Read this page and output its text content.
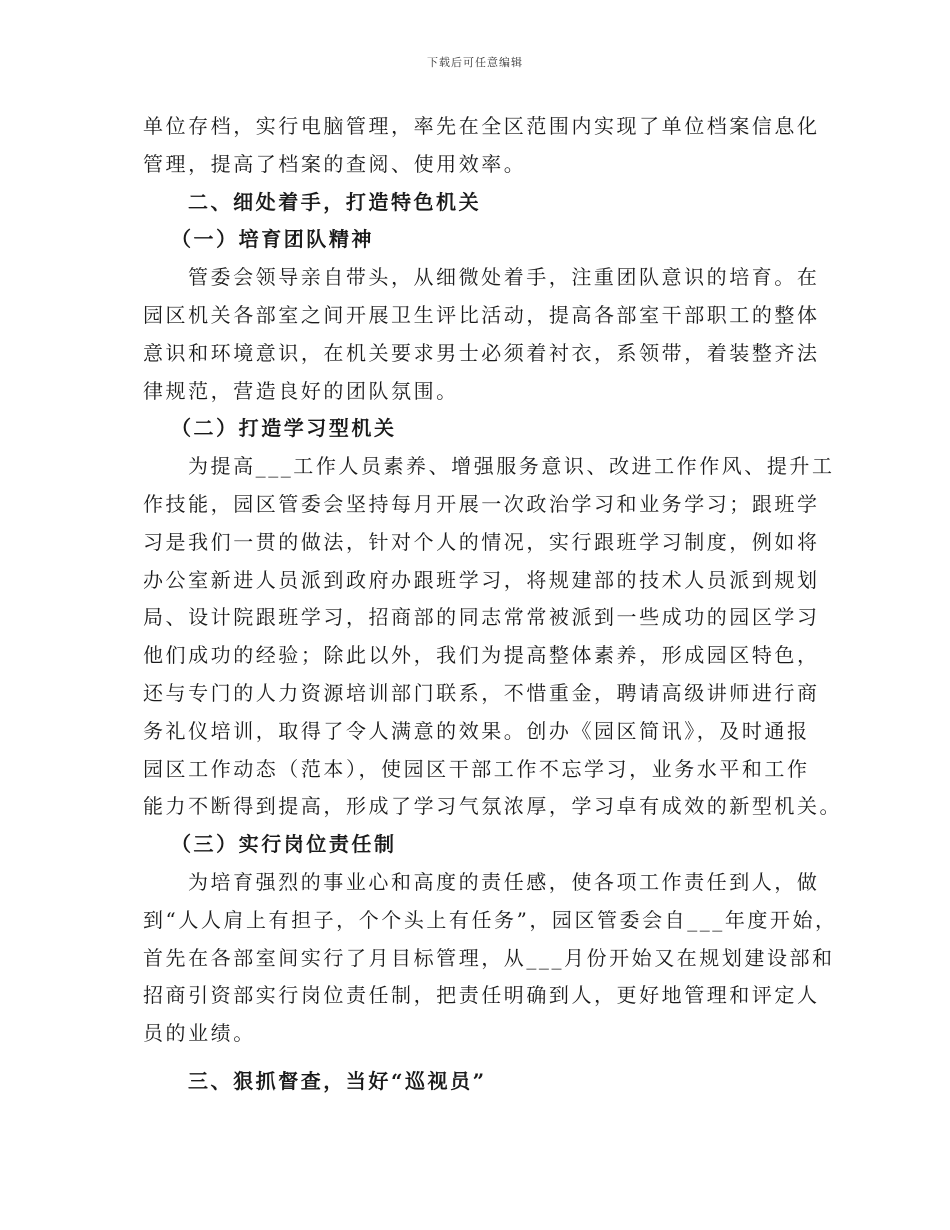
下载后可任意编辑
单位存档，实行电脑管理，率先在全区范围内实现了单位档案信息化
管理，提高了档案的查阅、使用效率。
二、细处着手，打造特色机关
（一）培育团队精神
管委会领导亲自带头，从细微处着手，注重团队意识的培育。在
园区机关各部室之间开展卫生评比活动，提高各部室干部职工的整体
意识和环境意识，在机关要求男士必须着衬衣，系领带，着装整齐法
律规范，营造良好的团队氛围。
（二）打造学习型机关
为提高___工作人员素养、增强服务意识、改进工作作风、提升工
作技能，园区管委会坚持每月开展一次政治学习和业务学习；跟班学
习是我们一贯的做法，针对个人的情况，实行跟班学习制度，例如将
办公室新进人员派到政府办跟班学习，将规建部的技术人员派到规划
局、设计院跟班学习，招商部的同志常常被派到一些成功的园区学习
他们成功的经验；除此以外，我们为提高整体素养，形成园区特色，
还与专门的人力资源培训部门联系，不惜重金，聘请高级讲师进行商
务礼仪培训，取得了令人满意的效果。创办《园区简讯》，及时通报
园区工作动态（范本），使园区干部工作不忘学习，业务水平和工作
能力不断得到提高，形成了学习气氛浓厚，学习卓有成效的新型机关。
（三）实行岗位责任制
为培育强烈的事业心和高度的责任感，使各项工作责任到人，做
到“人人肩上有担子，个个头上有任务”，园区管委会自___年度开始，
首先在各部室间实行了月目标管理，从___月份开始又在规划建设部和
招商引资部实行岗位责任制，把责任明确到人，更好地管理和评定人
员的业绩。
三、狠抓督查，当好“巡视员”
